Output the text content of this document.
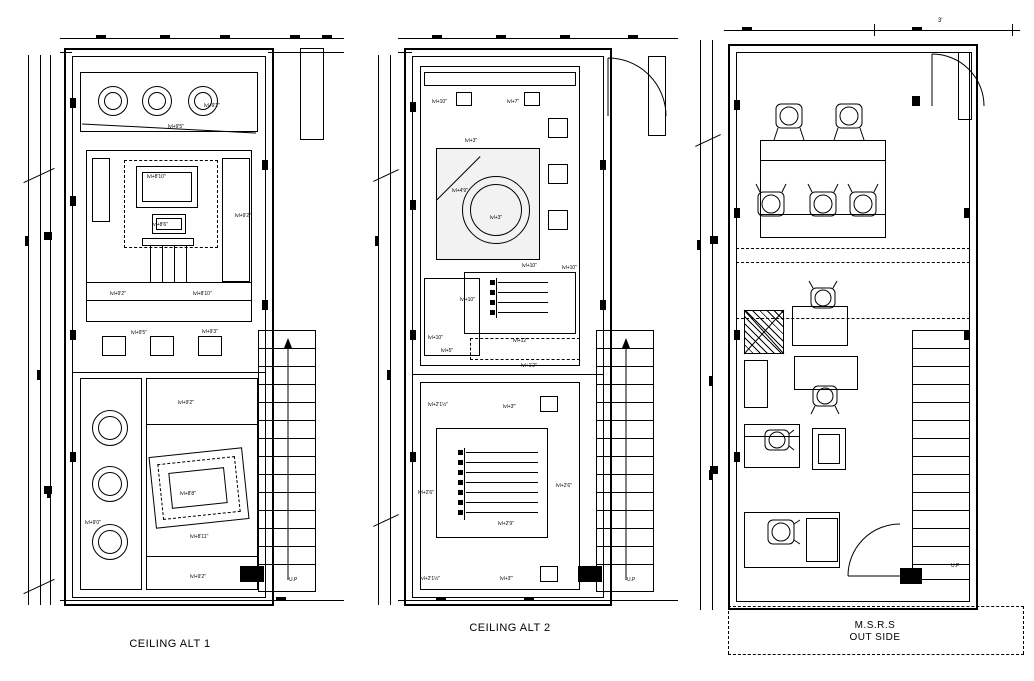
CEILING ALT 1
CEILING ALT 2
3'
M.S.R.S
OUT SIDE
lvl+9'5"
lvl+9'2"
lvl+8'10"
lvl+8'6"
lvl+9'2"	lvl+8'10"
lvl+9'5"	lvl+9'3"
lvl+9'2"
lvl+9'2"
lvl+8'8"
lvl+8'11"
lvl+9'2"
lvl+9'0"
U.P
lvl+10"	lvl+7"
lvl+3"
lvl+4'9"
lvl+3"
lvl+10"	lvl+10"
lvl+10"
lvl+10"
lvl+5"
lvl+12"
lvl+1'2"
lvl+2'1½"	lvl+3'"
lvl+2'6"
lvl+2'6"
lvl+2'9"
lvl+2'1½"	lvl+3'"	U.P
U.P
